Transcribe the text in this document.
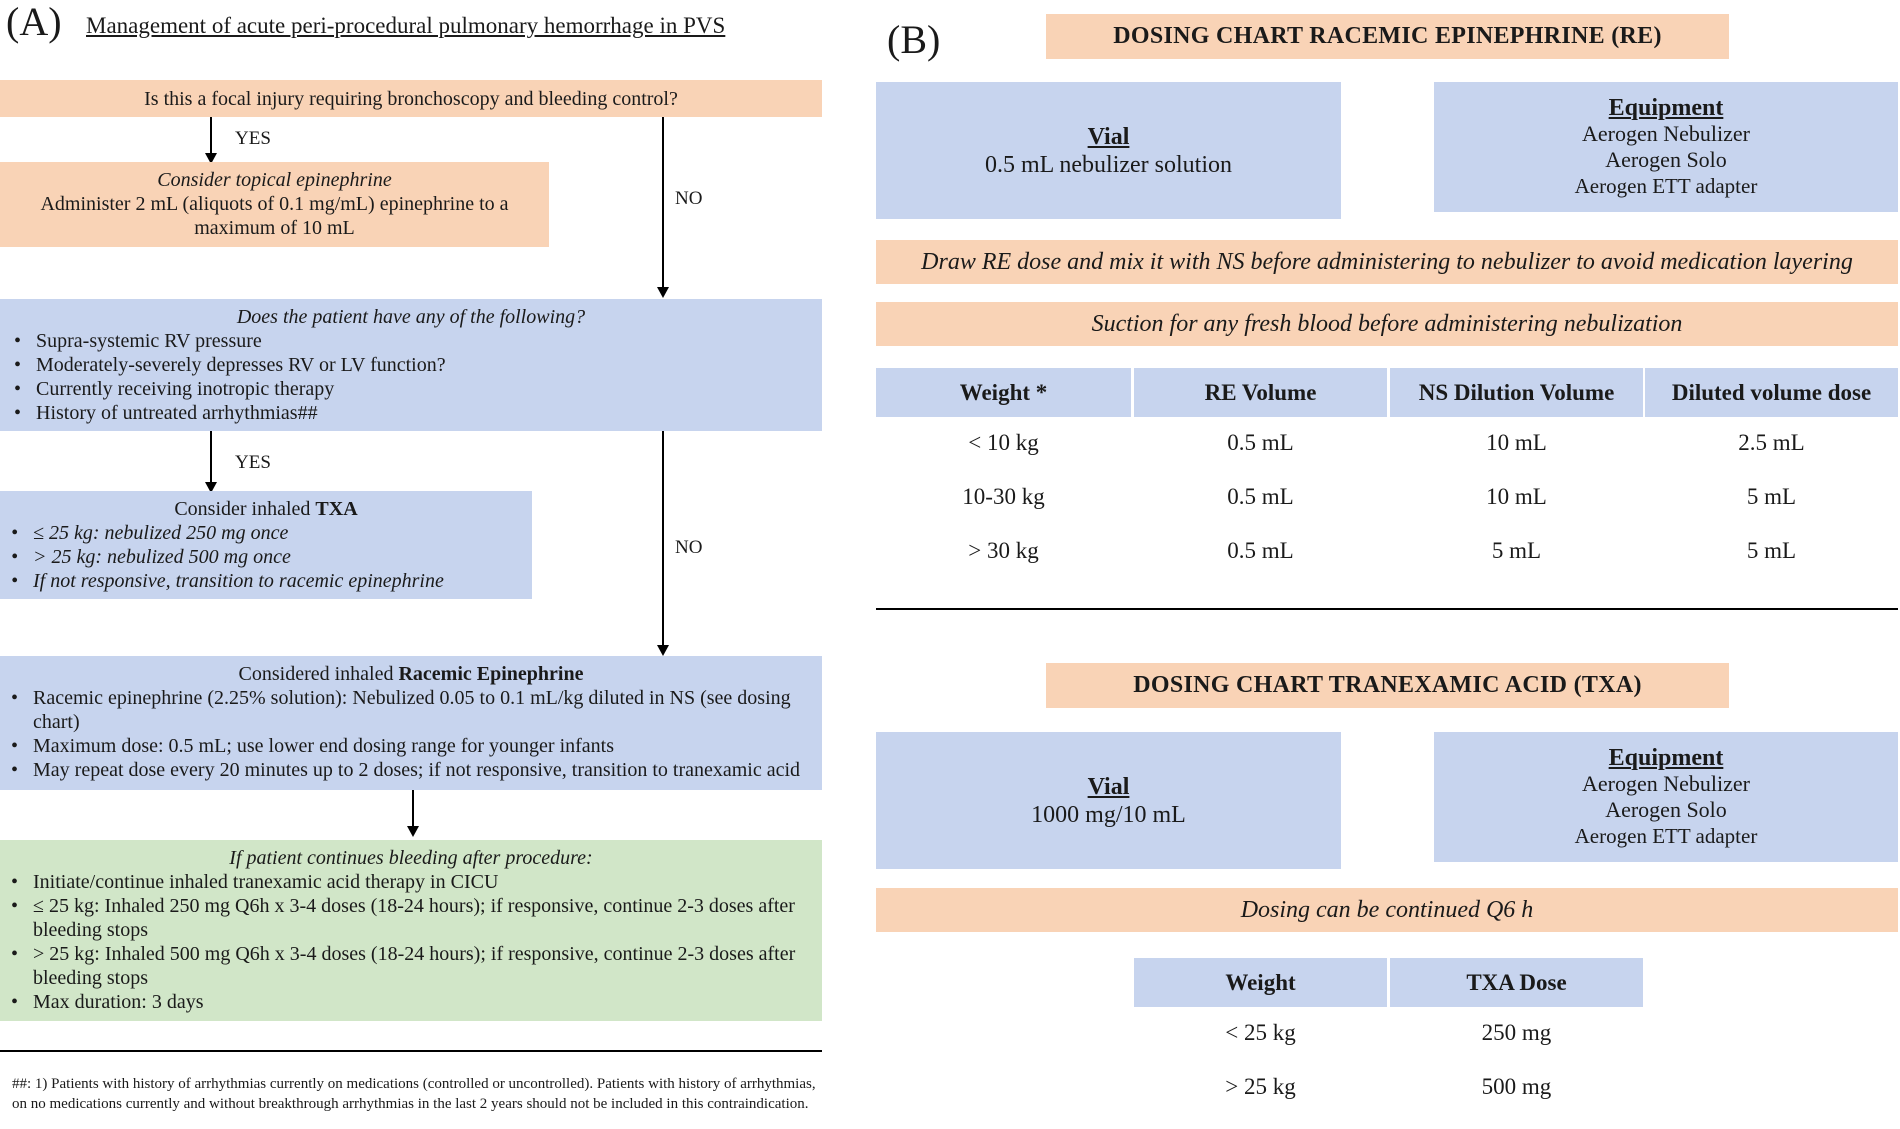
(A) Management of acute peri-procedural pulmonary hemorrhage in PVS
Is this a focal injury requiring bronchoscopy and bleeding control?
YES
Consider topical epinephrine
Administer 2 mL (aliquots of 0.1 mg/mL) epinephrine to a maximum of 10 mL
NO
Does the patient have any of the following?
• Supra-systemic RV pressure
• Moderately-severely depresses RV or LV function?
• Currently receiving inotropic therapy
• History of untreated arrhythmias##
YES
Consider inhaled TXA
• ≤ 25 kg: nebulized 250 mg once
• > 25 kg: nebulized 500 mg once
• If not responsive, transition to racemic epinephrine
NO
Considered inhaled Racemic Epinephrine
• Racemic epinephrine (2.25% solution): Nebulized 0.05 to 0.1 mL/kg diluted in NS (see dosing chart)
• Maximum dose: 0.5 mL; use lower end dosing range for younger infants
• May repeat dose every 20 minutes up to 2 doses; if not responsive, transition to tranexamic acid
If patient continues bleeding after procedure:
• Initiate/continue inhaled tranexamic acid therapy in CICU
• ≤ 25 kg: Inhaled 250 mg Q6h x 3-4 doses (18-24 hours); if responsive, continue 2-3 doses after bleeding stops
• > 25 kg: Inhaled 500 mg Q6h x 3-4 doses (18-24 hours); if responsive, continue 2-3 doses after bleeding stops
• Max duration: 3 days
##: 1) Patients with history of arrhythmias currently on medications (controlled or uncontrolled). Patients with history of arrhythmias, on no medications currently and without breakthrough arrhythmias in the last 2 years should not be included in this contraindication.
(B)	DOSING CHART RACEMIC EPINEPHRINE (RE)
Vial
0.5 mL nebulizer solution
Equipment
Aerogen Nebulizer
Aerogen Solo
Aerogen ETT adapter
Draw RE dose and mix it with NS before administering to nebulizer to avoid medication layering
Suction for any fresh blood before administering nebulization
Weight *	RE Volume	NS Dilution Volume	Diluted volume dose
< 10 kg	0.5 mL	10 mL	2.5 mL
10-30 kg	0.5 mL	10 mL	5 mL
> 30 kg	0.5 mL	5 mL	5 mL
DOSING CHART TRANEXAMIC ACID (TXA)
Vial
1000 mg/10 mL
Equipment
Aerogen Nebulizer
Aerogen Solo
Aerogen ETT adapter
Dosing can be continued Q6 h
Weight	TXA Dose
< 25 kg	250 mg
> 25 kg	500 mg
